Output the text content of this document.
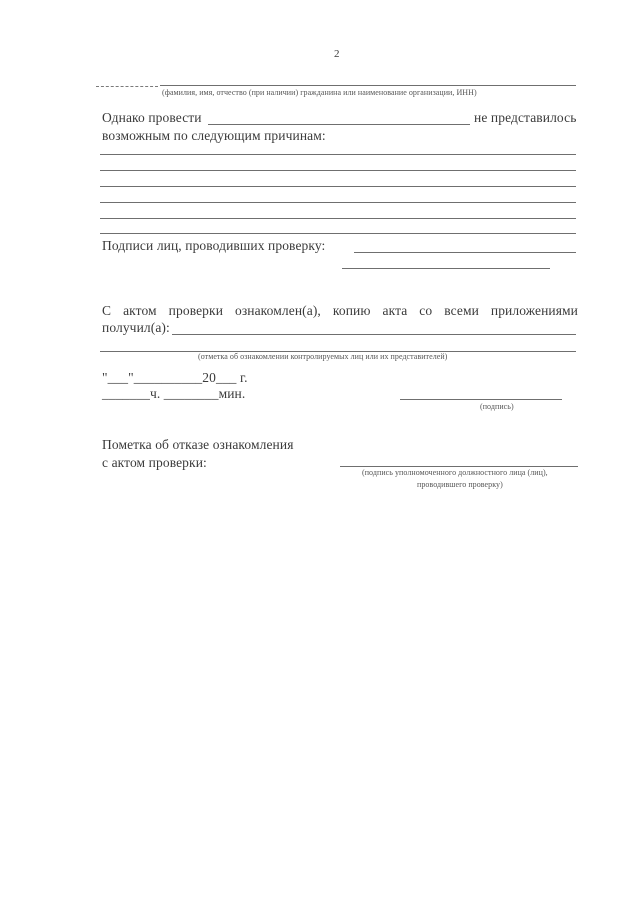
2
(фамилия, имя, отчество (при наличии) гражданина или наименование организации, ИНН)
Однако провести	не представилось
возможным по следующим причинам:
Подписи лиц, проводивших проверку:
С актом проверки ознакомлен(а), копию акта со всеми приложениями
получил(а):
(отметка об ознакомлении контролируемых лиц или их представителей)
"___"__________20___ г.
_______ч. ________мин.
(подпись)
Пометка об отказе ознакомления
с актом проверки:
(подпись уполномоченного должностного лица (лиц),
проводившего проверку)
